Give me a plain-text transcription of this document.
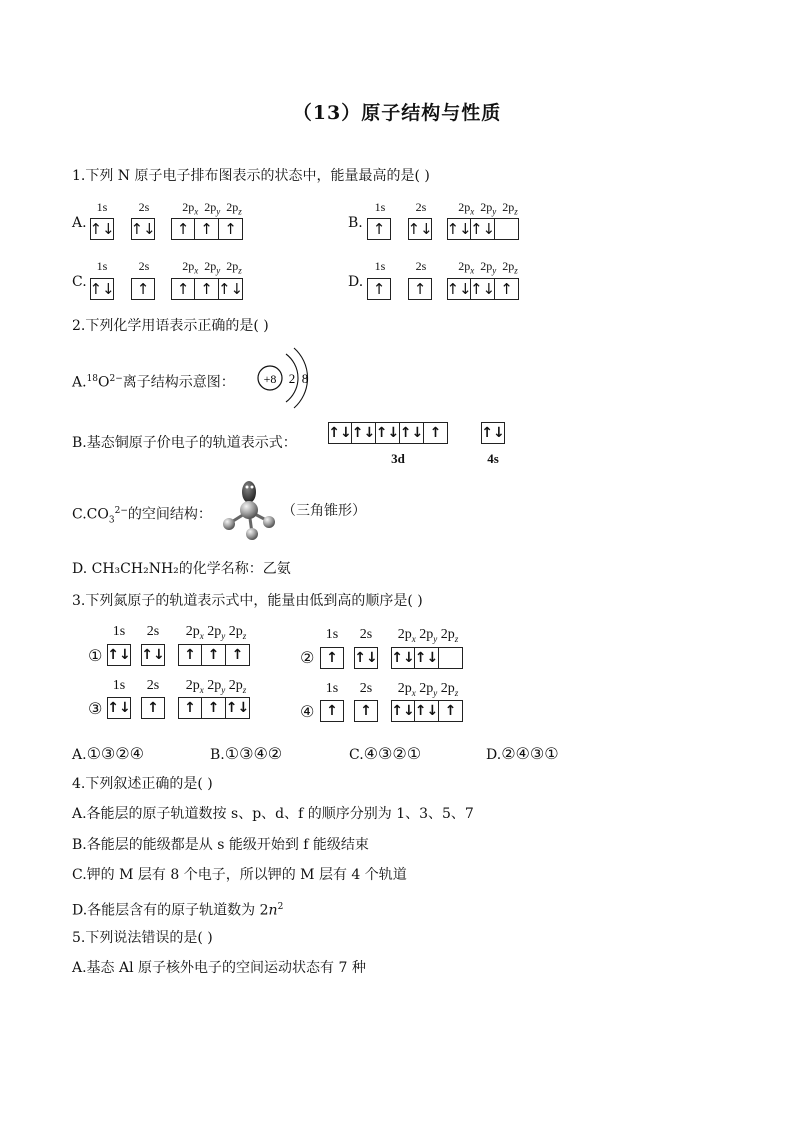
（13）原子结构与性质
1.下列 N 原子电子排布图表示的状态中，能量最高的是( )
A.
1s	2s	$2p_x$ $2p_y$ $2p_z$
↑↓ ↑↓	↑ ↑ ↑	B.
1s	2s	$2p_x$ $2p_y$ $2p_z$
↑	↑↓ ↑↓
↑↓
C.
1s	2s	$2p_x$ $2p_y$ $2p_z$
↑↓	↑	↑ ↑ ↑↓	D.
1s	2s	$2p_x$ $2p_y$ $2p_z$
↑	↑	↑↓
↑↓ ↑
2.下列化学用语表示正确的是( )
$A.^{18}O^{2-}$离子结构示意图： +8 2 8
B.基态铜原子价电子的轨道表示式：
↑↓ ↑↓ ↑↓ ↑↓ ↑	↑↓
3d	4s
$C.CO_3^{2-}$的空间结构：	（三角锥形）
D. CH₃CH₂NH₂的化学名称：乙氨
3.下列氮原子的轨道表示式中，能量由低到高的顺序是( )
①
1s	2s	$2p_x$ $2p_y$ $2p_z$
↑↓ ↑↓	↑ ↑ ↑	②
1s	2s	$2p_x$ $2p_y$ $2p_z$
↑	↑↓ ↑↓ ↑↓
③
1s	2s	$2p_x$ $2p_y$ $2p_z$
↑↓	↑	↑ ↑ ↑↓	④
1s	2s	$2p_x$ $2p_y$ $2p_z$
↑	↑	↑↓ ↑↓ ↑
A.①③②④	B.①③④②	C.④③②①	D.②④③①
4.下列叙述正确的是( )
A.各能层的原子轨道数按 s、p、d、f 的顺序分别为 1、3、5、7
B.各能层的能级都是从 s 能级开始到 f 能级结束
C.钾的 M 层有 8 个电子，所以钾的 M 层有 4 个轨道
D.各能层含有的原子轨道数为 $2n^2$
5.下列说法错误的是( )
A.基态 Al 原子核外电子的空间运动状态有 7 种
